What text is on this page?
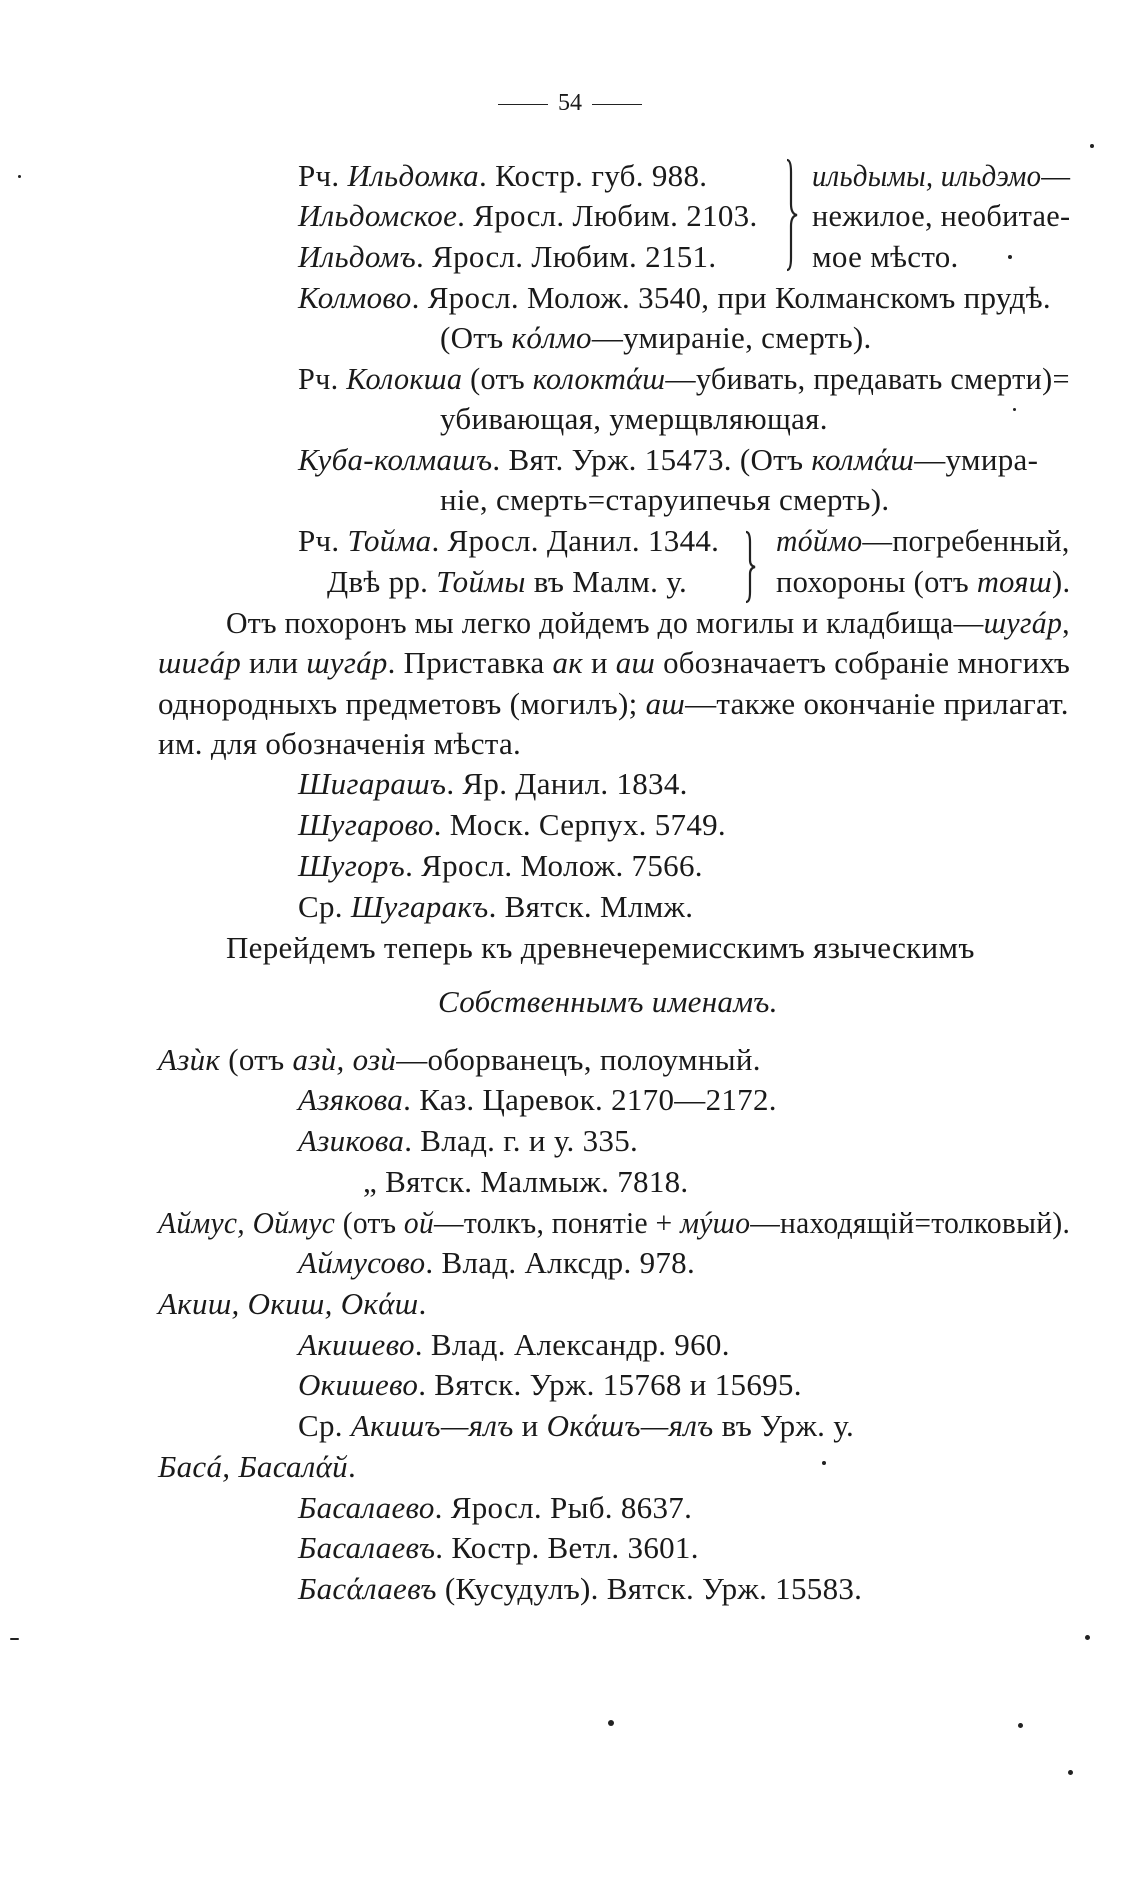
54
Рч. Ильдомка. Костр. губ. 988.
Ильдомское. Яросл. Любим. 2103.
Ильдомъ. Яросл. Любим. 2151.
ильдымы, ильдэмо—
нежилое, необитае-
мое мѣсто.
Колмово. Яросл. Молож. 3540, при Колманскомъ прудѣ.
(Отъ кόлмо—умиранiе, смерть).
Рч. Колокша (отъ колоктάш—убивать, предавать смерти)=
убивающая, умерщвляющая.
Куба-колмашъ. Вят. Урж. 15473. (Отъ колмάш—умира-
нiе, смерть=старуипечья смерть).
Рч. Тойма. Яросл. Данил. 1344.
Двѣ рр. Тоймы въ Малм. у.
тóймо—погребенный,
похороны (отъ тояш).
Отъ похоронъ мы легко дойдемъ до могилы и кладбища—шугáр,
шигáр или шугáр. Приставка ак и аш обозначаетъ собранiе многихъ
однородныхъ предметовъ (могилъ); аш—также окончанiе прилагат.
им. для обозначенiя мѣста.
Шигарашъ. Яр. Данил. 1834.
Шугарово. Моск. Серпух. 5749.
Шугоръ. Яросл. Молож. 7566.
Ср. Шугаракъ. Вятск. Млмж.
Перейдемъ теперь къ древнечеремисскимъ языческимъ
Собственнымъ именамъ.
Азѝк (отъ азѝ, озѝ—оборванецъ, полоумный.
Азякова. Каз. Царевок. 2170—2172.
Азикова. Влад. г. и у. 335.
„ Вятск. Малмыж. 7818.
Аймус, Оймус (отъ ой—толкъ, понятiе + мýшо—находящiй=толковый).
Аймусово. Влад. Алксдр. 978.
Акиш, Окиш, Окάш.
Акишево. Влад. Александр. 960.
Окишево. Вятск. Урж. 15768 и 15695.
Ср. Акишъ—ялъ и Окάшъ—ялъ въ Урж. у.
Басá, Басалάй.
Басалаево. Яросл. Рыб. 8637.
Басалаевъ. Костр. Ветл. 3601.
Басάлаевъ (Кусудулъ). Вятск. Урж. 15583.
